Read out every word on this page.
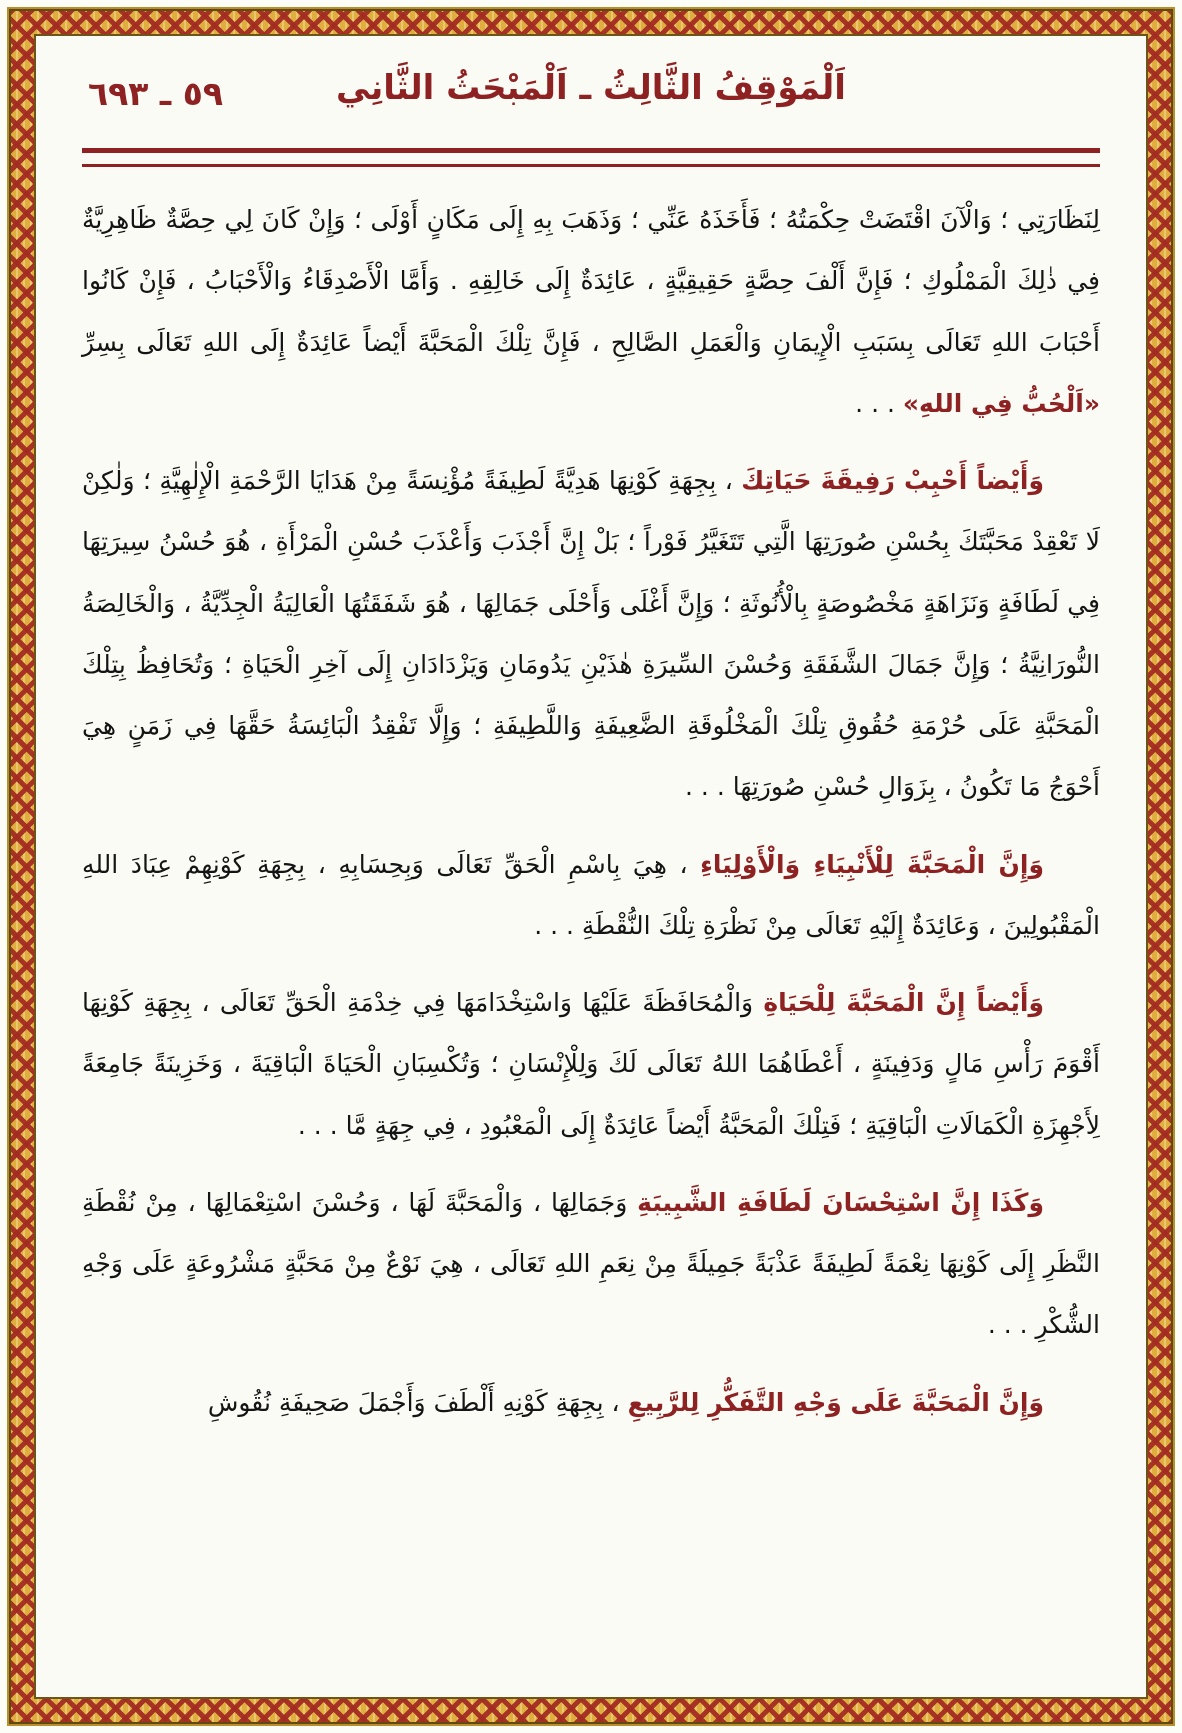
٥٩ ـ ٦٩٣	اَلْمَوْقِفُ الثَّالِثُ ـ اَلْمَبْحَثُ الثَّانِي

لِنَظَارَتِي ؛ وَالْآنَ اقْتَضَتْ حِكْمَتُهُ ؛ فَأَخَذَهُ عَنِّي ؛ وَذَهَبَ بِهِ إِلَى مَكَانٍ أَوْلَى ؛ وَإِنْ كَانَ لِي حِصَّةٌ ظَاهِرِيَّةٌ فِي ذٰلِكَ الْمَمْلُوكِ ؛ فَإِنَّ أَلْفَ حِصَّةٍ حَقِيقِيَّةٍ ، عَائِدَةٌ إِلَى خَالِقِهِ . وَأَمَّا الْأَصْدِقَاءُ وَالْأَحْبَابُ ، فَإِنْ كَانُوا أَحْبَابَ اللهِ تَعَالَى بِسَبَبِ الْإِيمَانِ وَالْعَمَلِ الصَّالِحِ ، فَإِنَّ تِلْكَ الْمَحَبَّةَ أَيْضاً عَائِدَةٌ إِلَى اللهِ تَعَالَى بِسِرِّ «اَلْحُبُّ فِي اللهِ» . . .

وَأَيْضاً أَحْبِبْ رَفِيقَةَ حَيَاتِكَ ، بِجِهَةِ كَوْنِهَا هَدِيَّةً لَطِيفَةً مُؤْنِسَةً مِنْ هَدَايَا الرَّحْمَةِ الْإِلٰهِيَّةِ ؛ وَلٰكِنْ لَا تَعْقِدْ مَحَبَّتَكَ بِحُسْنِ صُورَتِهَا الَّتِي تَتَغَيَّرُ فَوْراً ؛ بَلْ إِنَّ أَجْذَبَ وَأَعْذَبَ حُسْنِ الْمَرْأَةِ ، هُوَ حُسْنُ سِيرَتِهَا فِي لَطَافَةٍ وَنَزَاهَةٍ مَخْصُوصَةٍ بِالْأُنُوثَةِ ؛ وَإِنَّ أَغْلَى وَأَحْلَى جَمَالِهَا ، هُوَ شَفَقَتُهَا الْعَالِيَةُ الْجِدِّيَّةُ ، وَالْخَالِصَةُ النُّورَانِيَّةُ ؛ وَإِنَّ جَمَالَ الشَّفَقَةِ وَحُسْنَ السِّيرَةِ هٰذَيْنِ يَدُومَانِ وَيَزْدَادَانِ إِلَى آخِرِ الْحَيَاةِ ؛ وَتُحَافِظُ بِتِلْكَ الْمَحَبَّةِ عَلَى حُرْمَةِ حُقُوقِ تِلْكَ الْمَخْلُوقَةِ الضَّعِيفَةِ وَاللَّطِيفَةِ ؛ وَإِلَّا تَفْقِدُ الْبَائِسَةُ حَقَّهَا فِي زَمَنٍ هِيَ أَحْوَجُ مَا تَكُونُ ، بِزَوَالِ حُسْنِ صُورَتِهَا . . .

وَإِنَّ الْمَحَبَّةَ لِلْأَنْبِيَاءِ وَالْأَوْلِيَاءِ ، هِيَ بِاسْمِ الْحَقِّ تَعَالَى وَبِحِسَابِهِ ، بِجِهَةِ كَوْنِهِمْ عِبَادَ اللهِ الْمَقْبُولِينَ ، وَعَائِدَةٌ إِلَيْهِ تَعَالَى مِنْ نَظْرَةِ تِلْكَ النُّقْطَةِ . . .

وَأَيْضاً إِنَّ الْمَحَبَّةَ لِلْحَيَاةِ وَالْمُحَافَظَةَ عَلَيْهَا وَاسْتِخْدَامَهَا فِي خِدْمَةِ الْحَقِّ تَعَالَى ، بِجِهَةِ كَوْنِهَا أَقْوَمَ رَأْسِ مَالٍ وَدَفِينَةٍ ، أَعْطَاهُمَا اللهُ تَعَالَى لَكَ وَلِلْإِنْسَانِ ؛ وَتُكْسِبَانِ الْحَيَاةَ الْبَاقِيَةَ ، وَخَزِينَةً جَامِعَةً لِأَجْهِزَةِ الْكَمَالَاتِ الْبَاقِيَةِ ؛ فَتِلْكَ الْمَحَبَّةُ أَيْضاً عَائِدَةٌ إِلَى الْمَعْبُودِ ، فِي جِهَةٍ مَّا . . .

وَكَذَا إِنَّ اسْتِحْسَانَ لَطَافَةِ الشَّبِيبَةِ وَجَمَالِهَا ، وَالْمَحَبَّةَ لَهَا ، وَحُسْنَ اسْتِعْمَالِهَا ، مِنْ نُقْطَةِ النَّظَرِ إِلَى كَوْنِهَا نِعْمَةً لَطِيفَةً عَذْبَةً جَمِيلَةً مِنْ نِعَمِ اللهِ تَعَالَى ، هِيَ نَوْعٌ مِنْ مَحَبَّةٍ مَشْرُوعَةٍ عَلَى وَجْهِ الشُّكْرِ . . .

وَإِنَّ الْمَحَبَّةَ عَلَى وَجْهِ التَّفَكُّرِ لِلرَّبِيعِ ، بِجِهَةِ كَوْنِهِ أَلْطَفَ وَأَجْمَلَ صَحِيفَةِ نُقُوشِ
